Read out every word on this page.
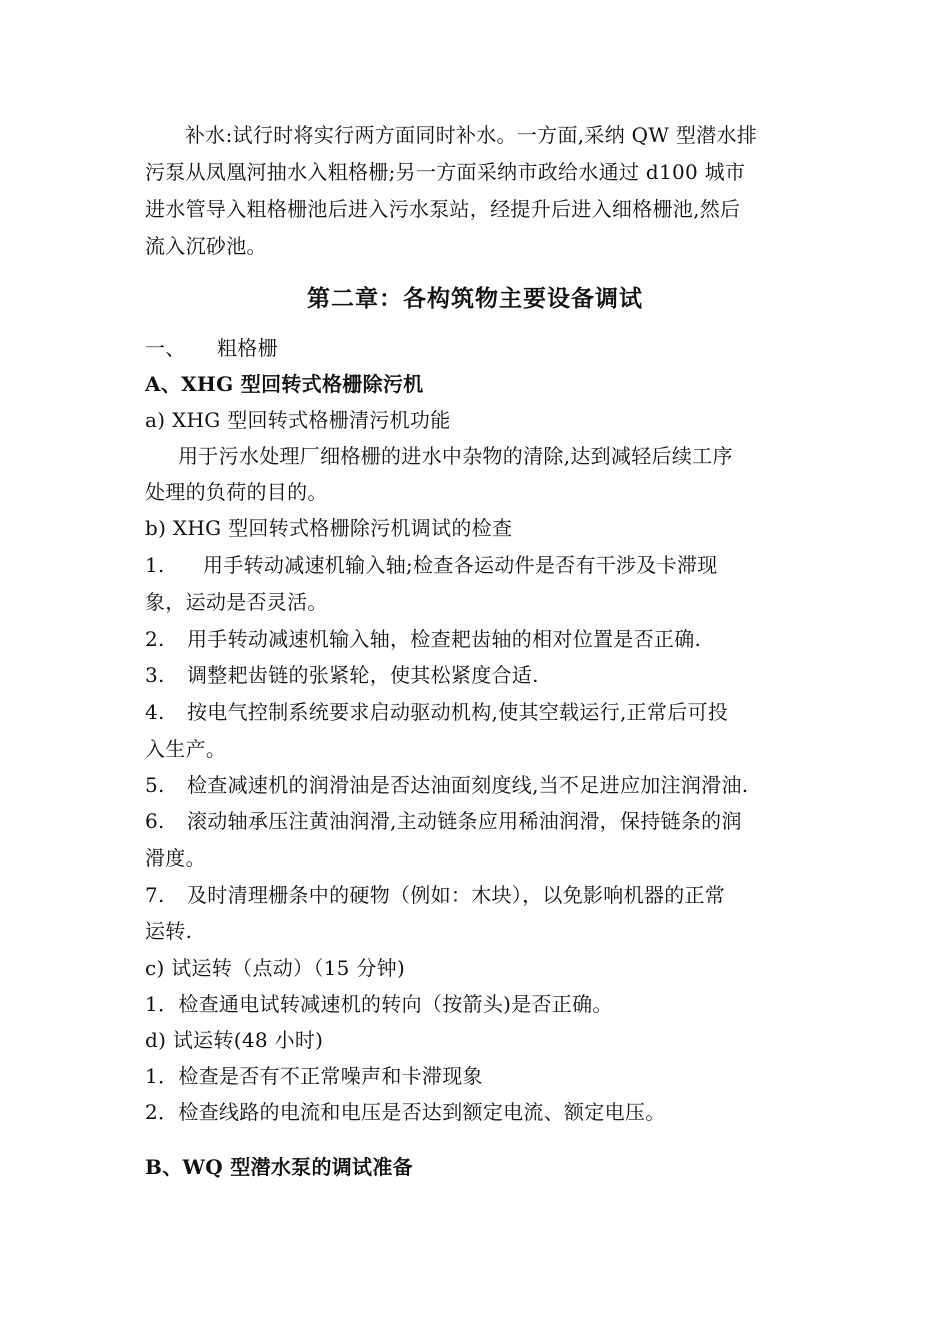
补水:试行时将实行两方面同时补水。一方面,采纳 QW 型潜水排
污泵从凤凰河抽水入粗格栅;另一方面采纳市政给水通过 d100 城市
进水管导入粗格栅池后进入污水泵站，经提升后进入细格栅池,然后
流入沉砂池。
第二章：各构筑物主要设备调试
一、 粗格栅
A、XHG 型回转式格栅除污机
a) XHG 型回转式格栅清污机功能
用于污水处理厂细格栅的进水中杂物的清除,达到减轻后续工序
处理的负荷的目的。
b) XHG 型回转式格栅除污机调试的检查
1. 用手转动减速机输入轴;检查各运动件是否有干涉及卡滞现
象，运动是否灵活。
2. 用手转动减速机输入轴，检查耙齿轴的相对位置是否正确.
3. 调整耙齿链的张紧轮，使其松紧度合适.
4. 按电气控制系统要求启动驱动机构,使其空载运行,正常后可投
入生产。
5. 检查减速机的润滑油是否达油面刻度线,当不足进应加注润滑油.
6. 滚动轴承压注黄油润滑,主动链条应用稀油润滑，保持链条的润
滑度。
7. 及时清理栅条中的硬物（例如：木块），以免影响机器的正常
运转.
c) 试运转（点动）（15 分钟)
1．检查通电试转减速机的转向（按箭头)是否正确。
d) 试运转(48 小时)
1．检查是否有不正常噪声和卡滞现象
2．检查线路的电流和电压是否达到额定电流、额定电压。
B、WQ 型潜水泵的调试准备
